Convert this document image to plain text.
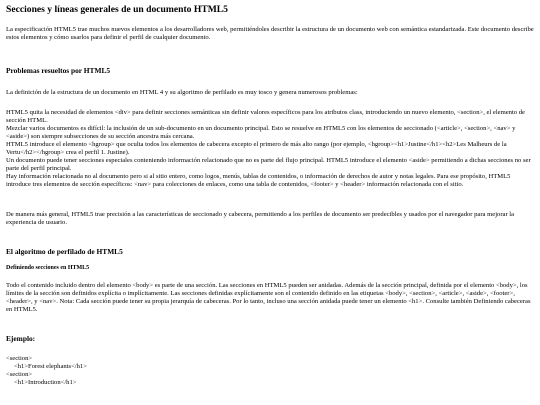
Secciones y líneas generales de un documento HTML5

La especificación HTML5 trae muchos nuevos elementos a los desarrolladores web, permitiéndoles describir la estructura de un documento web con semántica estandarizada. Este documento describe estos elementos y cómo usarlos para definir el perfil de cualquier documento.

Problemas resueltos por HTML5

La definición de la estructura de un documento en HTML 4 y su algoritmo de perfilado es muy tosco y genera numerosos problemas:

HTML5 quita la necesidad de elementos <div> para definir secciones semánticas sin definir valores específicos para los atributos class, introduciendo un nuevo elemento, <section>, el elemento de sección HTML.

Mezclar varios documentos es difícil: la inclusión de un sub-documento en un documento principal. Esto se resuelve en HTML5 con los elementos de seccionado (<article>, <section>, <nav> y <aside>) son siempre subsecciones de su sección ancestra más cercana.

HTML5 introduce el elemento <hgroup> que oculta todos los elementos de cabecera excepto el primero de más alto rango (por ejemplo, <hgroup><h1>Justine</h1><h2>Les Malheurs de la Vertu</h2></hgroup> crea el perfil 1. Justine).

Un documento puede tener secciones especiales conteniendo información relacionado que no es parte del flujo principal. HTML5 introduce el elemento <aside> permitiendo a dichas secciones no ser parte del perfil principal.

Hay información relacionada no al documento pero si al sitio entero, como logos, menús, tablas de contenidos, o información de derechos de autor y notas legales. Para ese propósito, HTML5 introduce tres elementos de sección específicos: <nav> para colecciones de enlaces, como una tabla de contenidos, <footer> y <header> información relacionada con el sitio.

De manera más general, HTML5 trae precisión a las características de seccionado y cabecera, permitiendo a los perfiles de documento ser predecibles y usados por el navegador para mejorar la experiencia de usuario.

El algoritmo de perfilado de HTML5
Definiendo secciones en HTML5

Todo el contenido incluido dentro del elemento <body> es parte de una sección. Las secciones en HTML5 pueden ser anidadas. Además de la sección principal, definida por el elemento <body>, los límites de la sección son definidos explícita o implícitamente. Las secciones definidas explícitamente son el contenido definido en las etiquetas <body>, <section>, <article>, <aside>, <footer>, <header>, y <nav>. Nota: Cada sección puede tener su propia jerarquía de cabeceras. Por lo tanto, incluso una sección anidada puede tener un elemento <h1>. Consulte también Definiendo cabeceras en HTML5.

Ejemplo:
<section>
<h1>Forest elephants</h1>
<section>
<h1>Introduction</h1>
